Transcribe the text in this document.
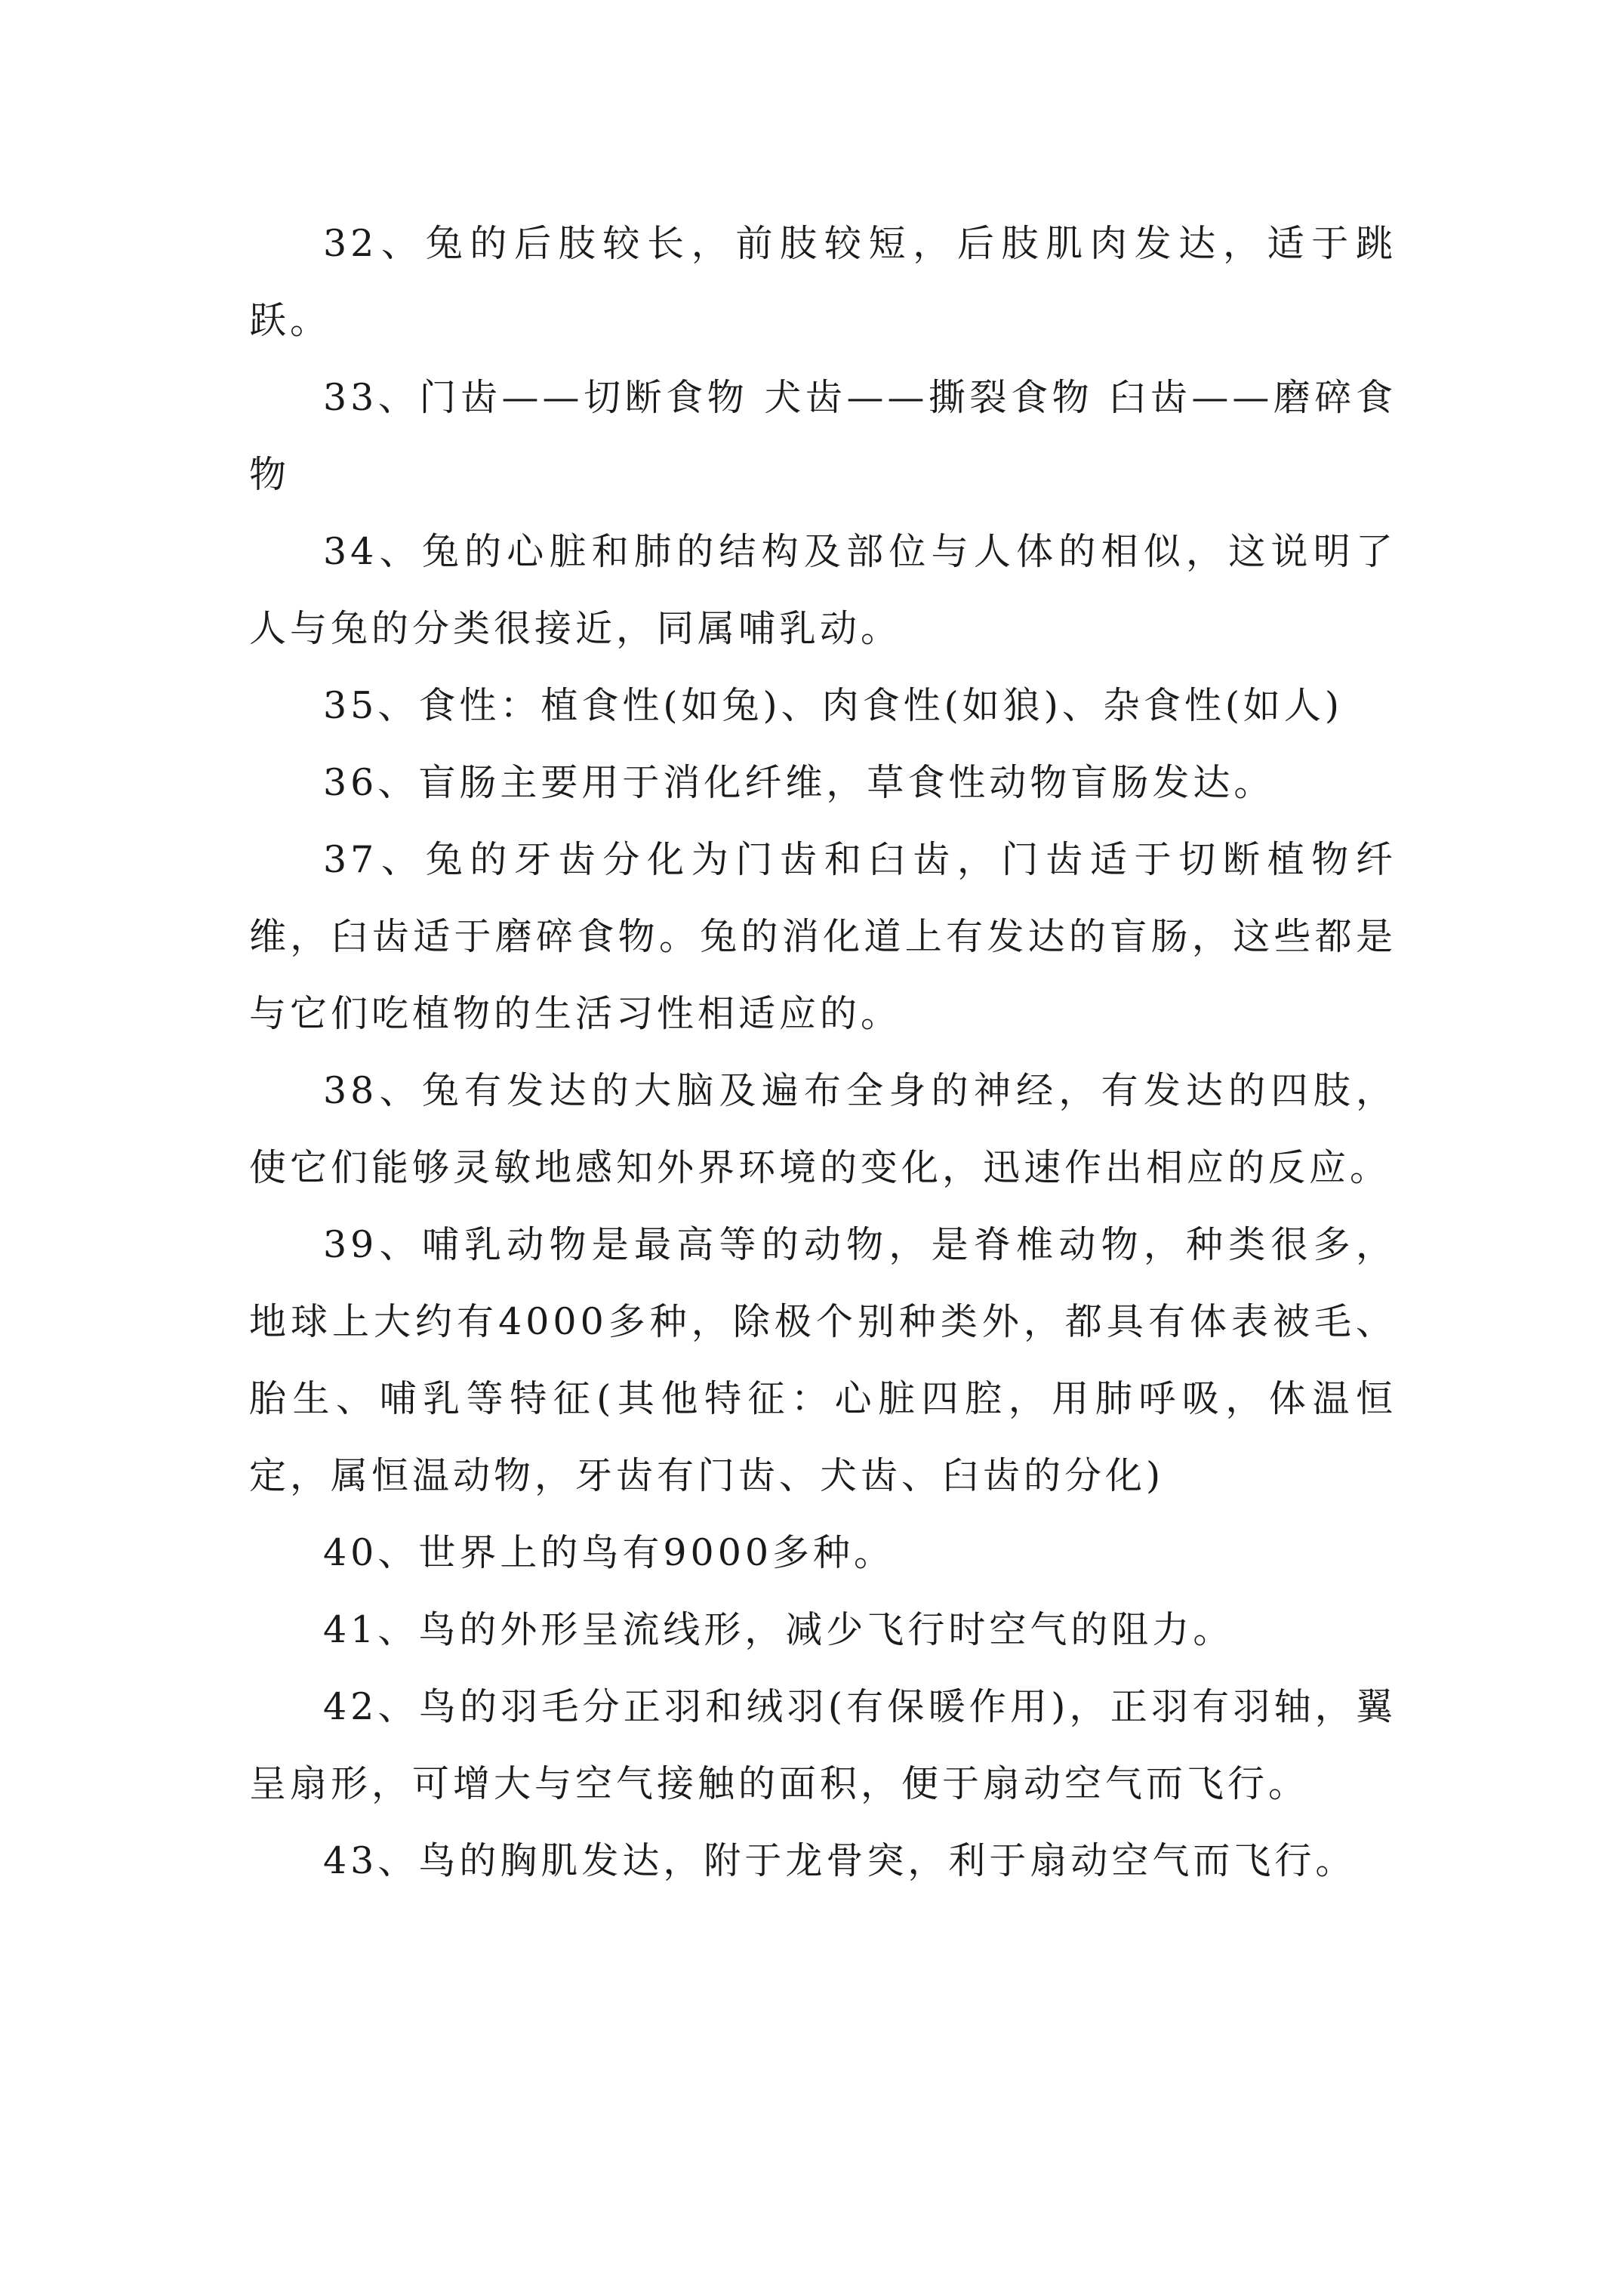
32、兔的后肢较长，前肢较短，后肢肌肉发达，适于跳跃。

33、门齿——切断食物 犬齿——撕裂食物 臼齿——磨碎食物

34、兔的心脏和肺的结构及部位与人体的相似，这说明了人与兔的分类很接近，同属哺乳动。

35、食性：植食性(如兔)、肉食性(如狼)、杂食性(如人)

36、盲肠主要用于消化纤维，草食性动物盲肠发达。

37、兔的牙齿分化为门齿和臼齿，门齿适于切断植物纤维，臼齿适于磨碎食物。兔的消化道上有发达的盲肠，这些都是与它们吃植物的生活习性相适应的。

38、兔有发达的大脑及遍布全身的神经，有发达的四肢，使它们能够灵敏地感知外界环境的变化，迅速作出相应的反应。

39、哺乳动物是最高等的动物，是脊椎动物，种类很多，地球上大约有4000多种，除极个别种类外，都具有体表被毛、胎生、哺乳等特征(其他特征：心脏四腔，用肺呼吸，体温恒定，属恒温动物，牙齿有门齿、犬齿、臼齿的分化)

40、世界上的鸟有9000多种。

41、鸟的外形呈流线形，减少飞行时空气的阻力。

42、鸟的羽毛分正羽和绒羽(有保暖作用)，正羽有羽轴，翼呈扇形，可增大与空气接触的面积，便于扇动空气而飞行。

43、鸟的胸肌发达，附于龙骨突，利于扇动空气而飞行。
